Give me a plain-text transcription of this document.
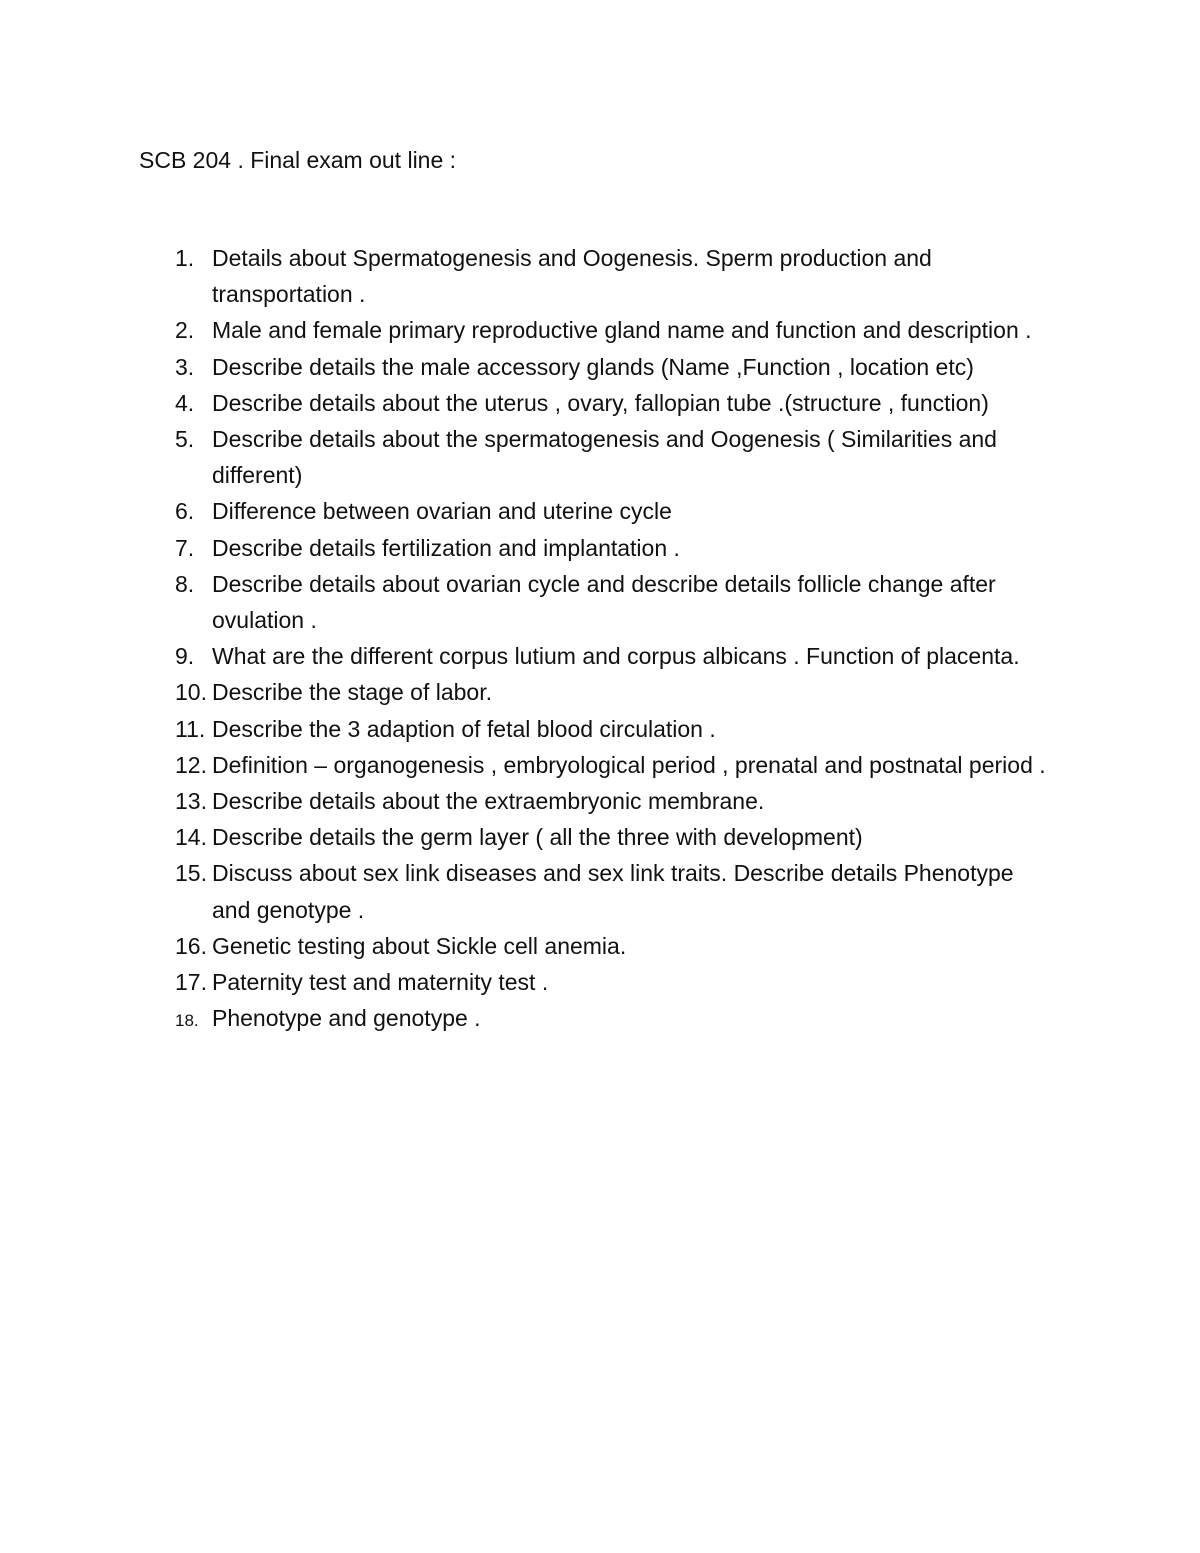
SCB 204 . Final exam out line :
1. Details about Spermatogenesis and Oogenesis. Sperm production and transportation .
2. Male and female primary reproductive gland name and function and description .
3. Describe details the male accessory glands (Name ,Function , location etc)
4. Describe details about the uterus , ovary, fallopian tube .(structure , function)
5. Describe details about the spermatogenesis and Oogenesis ( Similarities and different)
6. Difference between ovarian and uterine cycle
7. Describe details fertilization and implantation .
8. Describe details about ovarian cycle and describe details follicle change after ovulation .
9. What are the different corpus lutium and corpus albicans . Function of placenta.
10. Describe the stage of labor.
11. Describe the 3 adaption of fetal blood circulation .
12. Definition – organogenesis , embryological period , prenatal and postnatal period .
13. Describe details about the extraembryonic membrane.
14. Describe details the germ layer ( all the three with development)
15. Discuss about sex link diseases and sex link traits. Describe details Phenotype and genotype .
16. Genetic testing about Sickle cell anemia.
17. Paternity test and maternity test .
18. Phenotype and genotype .
